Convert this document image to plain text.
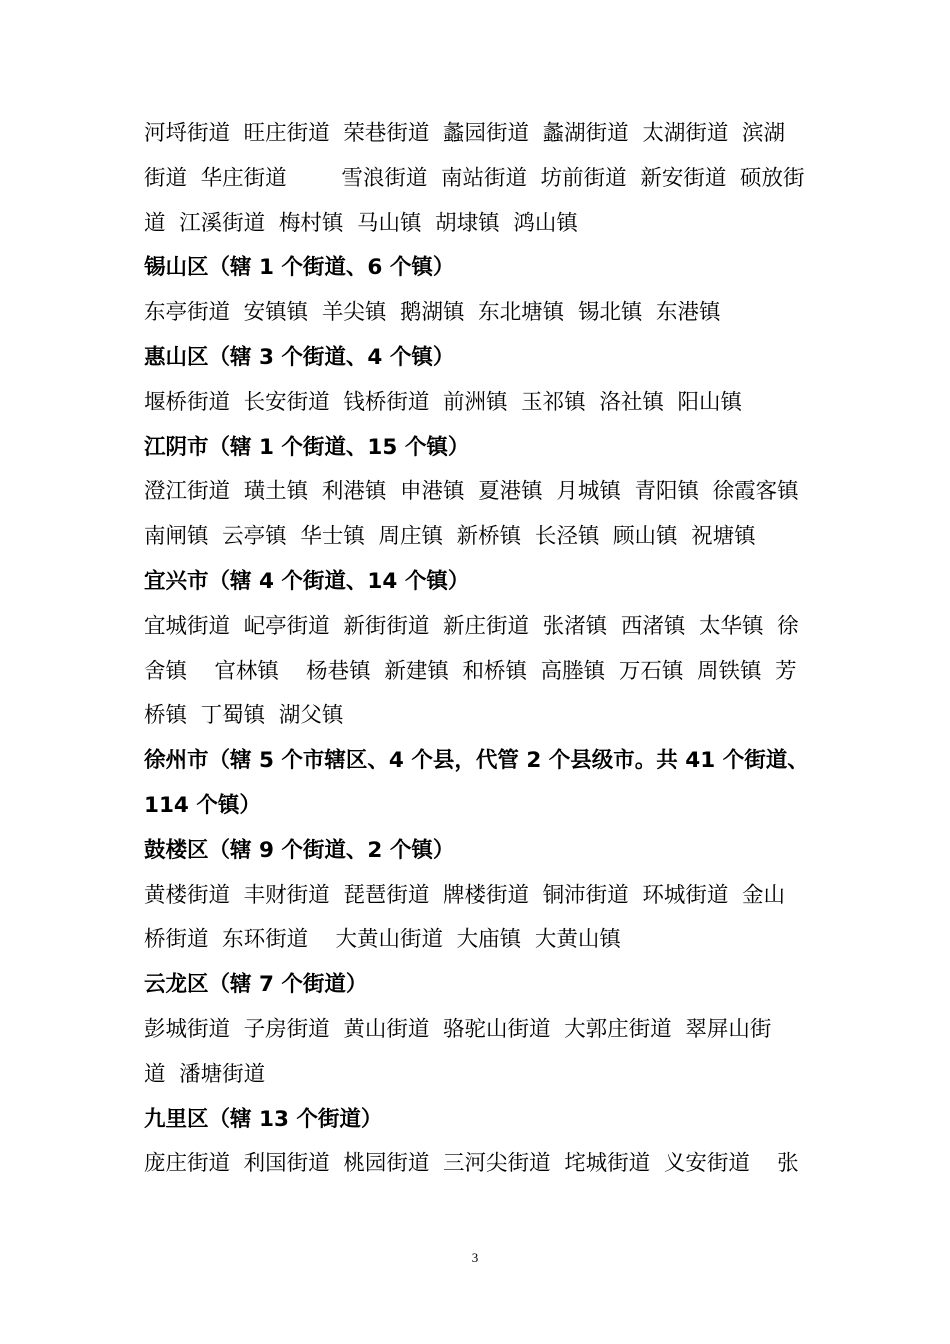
河埒街道  旺庄街道  荣巷街道  蠡园街道  蠡湖街道  太湖街道  滨湖
街道  华庄街道        雪浪街道  南站街道  坊前街道  新安街道  硕放街
道  江溪街道  梅村镇  马山镇  胡埭镇  鸿山镇
锡山区（辖 1 个街道、6 个镇）
东亭街道  安镇镇  羊尖镇  鹅湖镇  东北塘镇  锡北镇  东港镇
惠山区（辖 3 个街道、4 个镇）
堰桥街道  长安街道  钱桥街道  前洲镇  玉祁镇  洛社镇  阳山镇
江阴市（辖 1 个街道、15 个镇）
澄江街道  璜土镇  利港镇  申港镇  夏港镇  月城镇  青阳镇  徐霞客镇
南闸镇  云亭镇  华士镇  周庄镇  新桥镇  长泾镇  顾山镇  祝塘镇
宜兴市（辖 4 个街道、14 个镇）
宜城街道  屺亭街道  新街街道  新庄街道  张渚镇  西渚镇  太华镇  徐
舍镇    官林镇    杨巷镇  新建镇  和桥镇  高塍镇  万石镇  周铁镇  芳
桥镇  丁蜀镇  湖父镇
徐州市（辖 5 个市辖区、4 个县，代管 2 个县级市。共 41 个街道、
114 个镇）
鼓楼区（辖 9 个街道、2 个镇）
黄楼街道  丰财街道  琵琶街道  牌楼街道  铜沛街道  环城街道  金山
桥街道  东环街道    大黄山街道  大庙镇  大黄山镇
云龙区（辖 7 个街道）
彭城街道  子房街道  黄山街道  骆驼山街道  大郭庄街道  翠屏山街
道  潘塘街道
九里区（辖 13 个街道）
庞庄街道  利国街道  桃园街道  三河尖街道  垞城街道  义安街道    张
3
